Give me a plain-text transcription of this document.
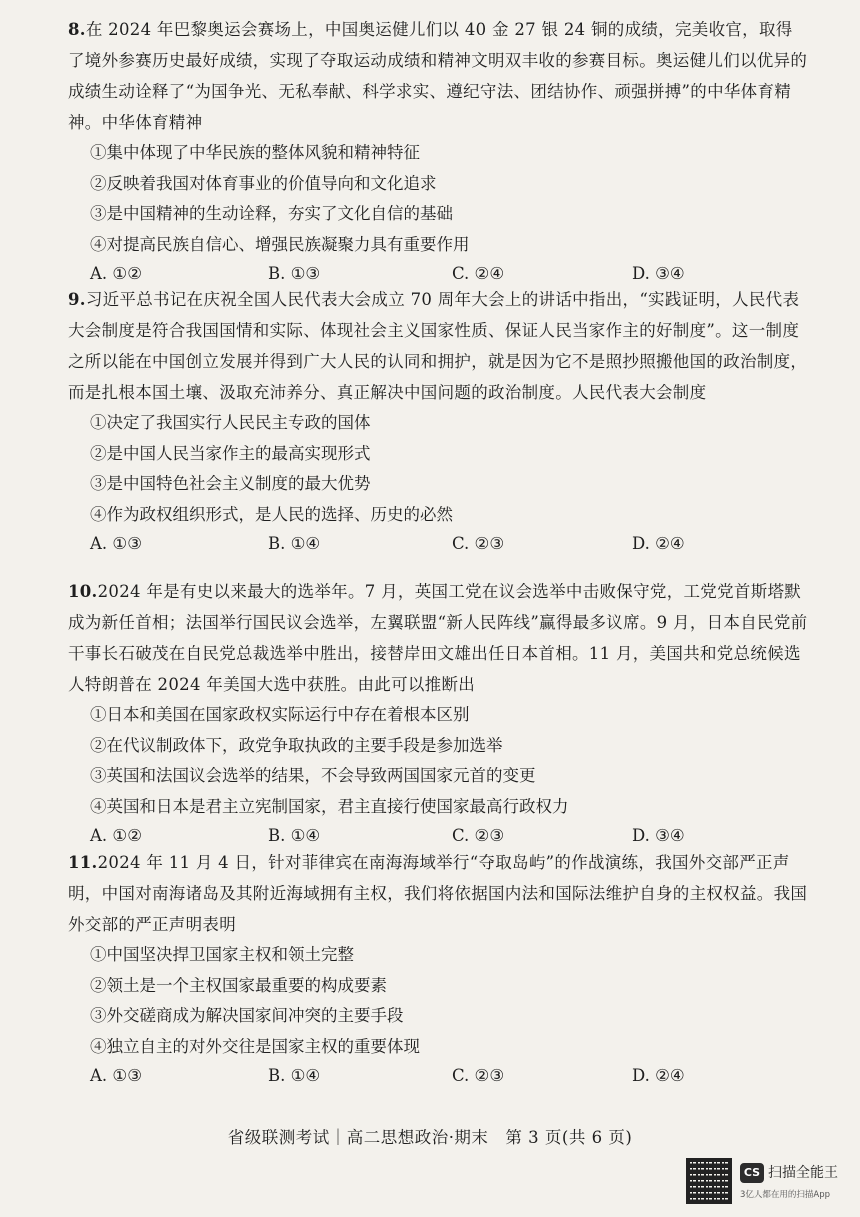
8.在 2024 年巴黎奥运会赛场上，中国奥运健儿们以 40 金 27 银 24 铜的成绩，完美收官，取得了境外参赛历史最好成绩，实现了夺取运动成绩和精神文明双丰收的参赛目标。奥运健儿们以优异的成绩生动诠释了“为国争光、无私奉献、科学求实、遵纪守法、团结协作、顽强拼搏”的中华体育精神。中华体育精神

①集中体现了中华民族的整体风貌和精神特征

②反映着我国对体育事业的价值导向和文化追求

③是中国精神的生动诠释，夯实了文化自信的基础

④对提高民族自信心、增强民族凝聚力具有重要作用

A. ①②	B. ①③	C. ②④	D. ③④

9.习近平总书记在庆祝全国人民代表大会成立 70 周年大会上的讲话中指出，“实践证明，人民代表大会制度是符合我国国情和实际、体现社会主义国家性质、保证人民当家作主的好制度”。这一制度之所以能在中国创立发展并得到广大人民的认同和拥护，就是因为它不是照抄照搬他国的政治制度，而是扎根本国土壤、汲取充沛养分、真正解决中国问题的政治制度。人民代表大会制度

①决定了我国实行人民民主专政的国体

②是中国人民当家作主的最高实现形式

③是中国特色社会主义制度的最大优势

④作为政权组织形式，是人民的选择、历史的必然

A. ①③	B. ①④	C. ②③	D. ②④

10.2024 年是有史以来最大的选举年。7 月，英国工党在议会选举中击败保守党，工党党首斯塔默成为新任首相；法国举行国民议会选举，左翼联盟“新人民阵线”赢得最多议席。9 月，日本自民党前干事长石破茂在自民党总裁选举中胜出，接替岸田文雄出任日本首相。11 月，美国共和党总统候选人特朗普在 2024 年美国大选中获胜。由此可以推断出

①日本和美国在国家政权实际运行中存在着根本区别

②在代议制政体下，政党争取执政的主要手段是参加选举

③英国和法国议会选举的结果，不会导致两国国家元首的变更

④英国和日本是君主立宪制国家，君主直接行使国家最高行政权力

A. ①②	B. ①④	C. ②③	D. ③④

11.2024 年 11 月 4 日，针对菲律宾在南海海域举行“夺取岛屿”的作战演练，我国外交部严正声明，中国对南海诸岛及其附近海域拥有主权，我们将依据国内法和国际法维护自身的主权权益。我国外交部的严正声明表明

①中国坚决捍卫国家主权和领土完整

②领土是一个主权国家最重要的构成要素

③外交磋商成为解决国家间冲突的主要手段

④独立自主的对外交往是国家主权的重要体现

A. ①③	B. ①④	C. ②③	D. ②④
省级联测考试｜高二思想政治·期末　第 3 页(共 6 页)
CS 扫描全能王
3亿人都在用的扫描App
